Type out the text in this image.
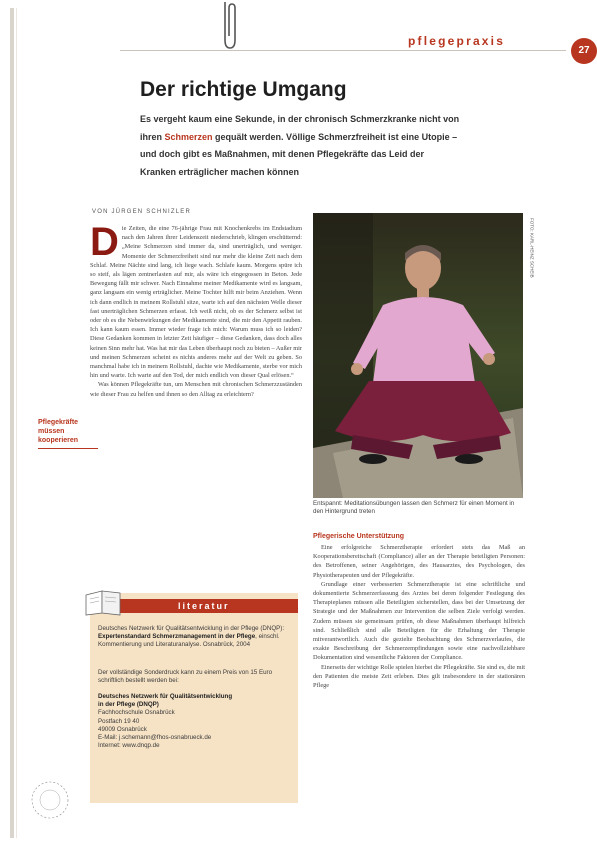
pflegepraxis
27
Der richtige Umgang

Es vergeht kaum eine Sekunde, in der chronisch Schmerzkranke nicht von ihren Schmerzen gequält werden. Völlige Schmerzfreiheit ist eine Utopie – und doch gibt es Maßnahmen, mit denen Pflegekräfte das Leid der Kranken erträglicher machen können

VON JÜRGEN SCHNIZLER

Die Zeiten, die eine 76-jährige Frau mit Knochenkrebs im Endstadium nach den Jahren ihrer Leidenszeit niederschrieb, klingen erschütternd: „Meine Schmerzen sind immer da, sind unerträglich, und weniger. Momente der Schmerzfreiheit sind nur mehr die kleine Zeit nach dem Schlaf. Meine Nächte sind lang, ich liege wach. Schlafe kaum. Morgens spüre ich so steif, als lägen zentnerlasten auf mir, als wäre ich eingegossen in Beton. Jede Bewegung fällt mir schwer. Nach Einnahme meiner Medikamente wird es langsam, ganz langsam ein wenig erträglicher. Meine Tochter hilft mir beim Anziehen. Wenn ich dann endlich in meinem Rollstuhl sitze, warte ich auf den nächsten Welle dieser fast unerträglichen Schmerzen erfasst. Ich weiß nicht, ob es der Schmerz selbst ist oder ob es die Nebenwirkungen der Medikamente sind, die mir den Appetit rauben. Ich kann kaum essen. Immer wieder frage ich mich: Warum muss ich so leiden? Diese Gedanken kommen in letzter Zeit häufiger – diese Gedanken, dass doch alles keinen Sinn mehr hat. Was hat mir das Leben überhaupt noch zu bieten – Außer mir und meinen Schmerzen scheint es nichts anderes mehr auf der Welt zu geben. So manchmal habe ich in meinem Rollstuhl, dachte wie Medikamente, sterbe vor mich hin und warte. Ich warte auf den Tod, der mich endlich von dieser Qual erlösen.“

Was können Pflegekräfte tun, um Menschen mit chronischen Schmerzzuständen wie dieser Frau zu helfen und ihnen so den Alltag zu erleichtern?

Pflegekräfte
müssen
kooperieren
FOTO: KARL-HEINZ SCHEIB

Entspannt: Meditationsübungen lassen den Schmerz für einen Moment in den Hintergrund treten

Pflegerische Unterstützung

Eine erfolgreiche Schmerztherapie erfordert stets das Maß an Kooperationsbereitschaft (Compliance) aller an der Therapie beteiligten Personen: des Betroffenen, seiner Angehörigen, des Hausarztes, des Psychologen, des Physiotherapeuten und der Pflegekräfte.

Grundlage einer verbesserten Schmerztherapie ist eine schriftliche und dokumentierte Schmerzerfassung des Arztes bei deren folgender Festlegung des Therapieplanes müssen alle Beteiligten sicherstellen, dass bei der Umsetzung der Strategie und der Maßnahmen zur Intervention die selben Ziele verfolgt werden. Zudem müssen sie gemeinsam prüfen, ob diese Maßnahmen überhaupt hilfreich sind. Schließlich sind alle Beteiligten für die Erhaltung der Therapie mitverantwortlich. Auch die gezielte Beobachtung des Schmerzverlaufes, die exakte Beschreibung der Schmerzempfindungen sowie eine nachvollziehbare Dokumentation sind wesentliche Faktoren der Compliance.

Einerseits der wichtige Rolle spielen hierbei die Pflegekräfte. Sie sind es, die mit den Patienten die meiste Zeit erleben. Dies gilt insbesondere in der stationären Pflege

literatur

Deutsches Netzwerk für Qualitätsentwicklung in der Pflege (DNQP): Expertenstandard Schmerzmanagement in der Pflege, einschl. Kommentierung und Literaturanalyse. Osnabrück, 2004

Der vollständige Sonderdruck kann zu einem Preis von 15 Euro schriftlich bestellt werden bei:

Deutsches Netzwerk für Qualitätsentwicklung
in der Pflege (DNQP)
Fachhochschule Osnabrück
Postfach 19 40
49009 Osnabrück
E-Mail: j.schemann@fhos-osnabrueck.de
Internet: www.dnqp.de
